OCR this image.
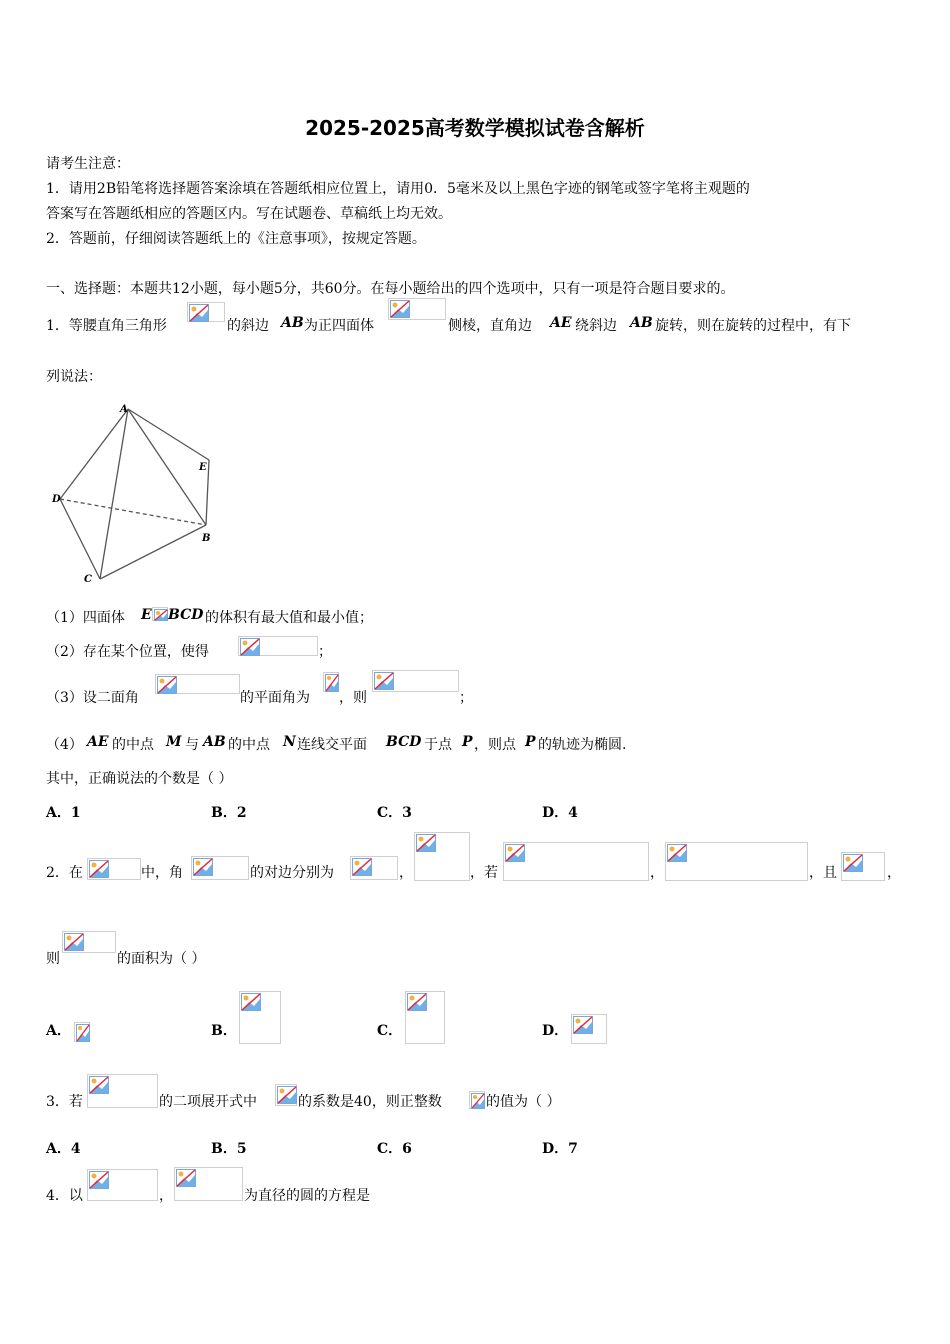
2025-2025高考数学模拟试卷含解析
请考生注意：
1．请用2B铅笔将选择题答案涂填在答题纸相应位置上，请用0．5毫米及以上黑色字迹的钢笔或签字笔将主观题的
答案写在答题纸相应的答题区内。写在试题卷、草稿纸上均无效。
2．答题前，仔细阅读答题纸上的《注意事项》，按规定答题。
一、选择题：本题共12小题，每小题5分，共60分。在每小题给出的四个选项中，只有一项是符合题目要求的。
1．等腰直角三角形	的斜边 AB 为正四面体	侧棱，直角边 AE 绕斜边 AB 旋转，则在旋转的过程中，有下
列说法：
A
E
D
B
C
（1）四面体 E BCD 的体积有最大值和最小值；
（2）存在某个位置，使得	；
（3）设二面角	的平面角为 ，则	；
（4） AE 的中点 M 与 AB 的中点 N 连线交平面 BCD 于点 P ，则点 P 的轨迹为椭圆.
其中，正确说法的个数是（ ）
A．1	B．2	C．3	D．4
2．在	中，角	的对边分别为	，	，若	，	，且	，
则	的面积为（ ）
A．	B．	C．	D．
3．若	的二项展开式中	的系数是40，则正整数	的值为（ ）
A．4	B．5	C．6	D．7
4．以	，	为直径的圆的方程是
